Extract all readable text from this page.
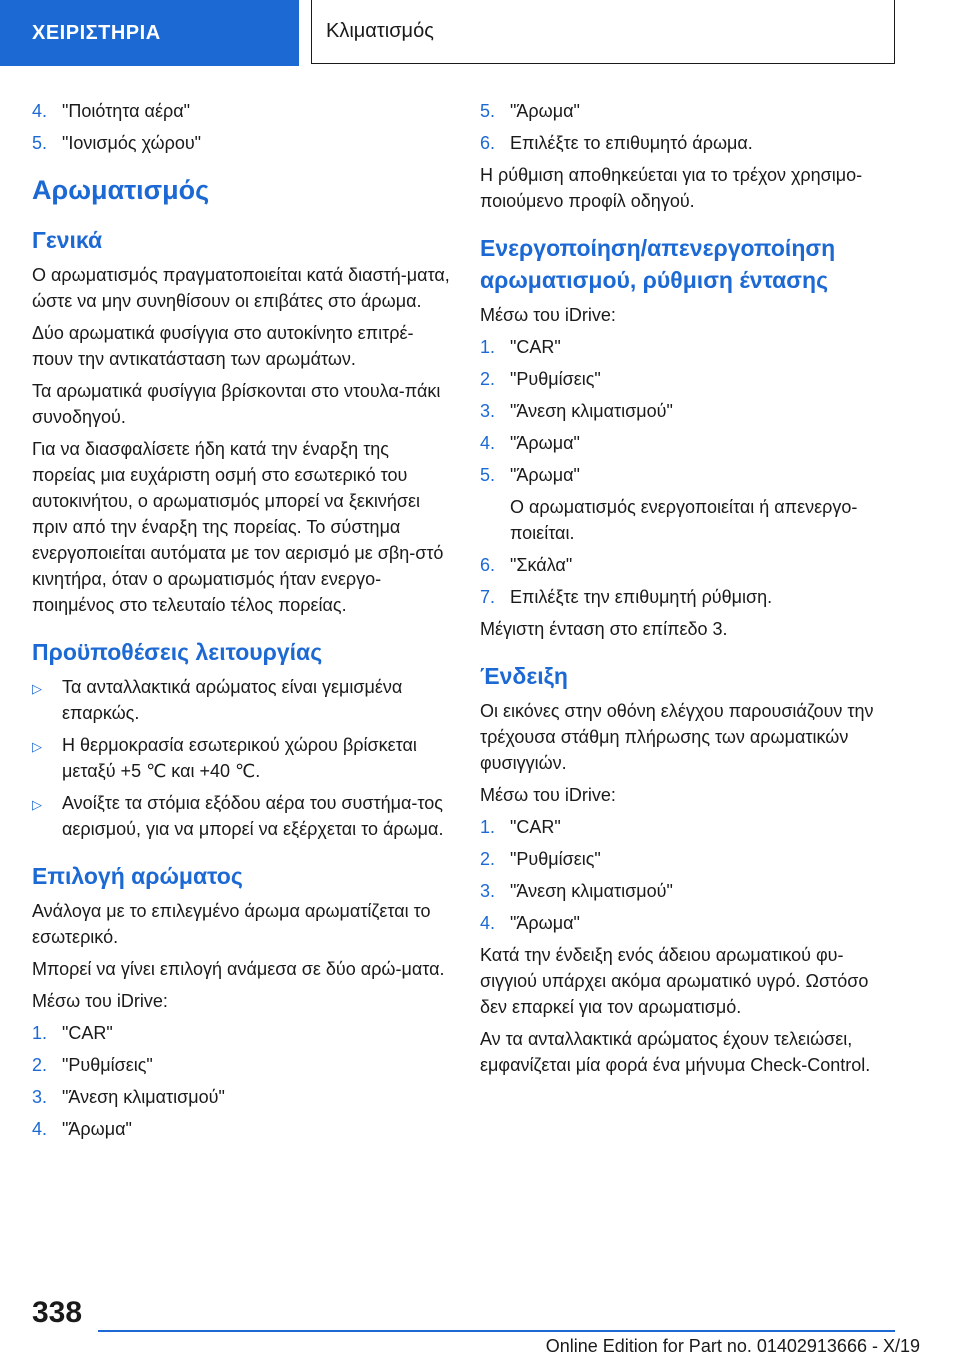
ΧΕΙΡΙΣΤΗΡΙΑ	Κλιματισμός
4. "Ποιότητα αέρα"
5. "Ιονισμός χώρου"
Αρωματισμός
Γενικά

Ο αρωματισμός πραγματοποιείται κατά διαστή-ματα, ώστε να μην συνηθίσουν οι επιβάτες στο άρωμα.

Δύο αρωματικά φυσίγγια στο αυτοκίνητο επιτρέ-πουν την αντικατάσταση των αρωμάτων.

Τα αρωματικά φυσίγγια βρίσκονται στο ντουλα-πάκι συνοδηγού.

Για να διασφαλίσετε ήδη κατά την έναρξη της πορείας μια ευχάριστη οσμή στο εσωτερικό του αυτοκινήτου, ο αρωματισμός μπορεί να ξεκινήσει πριν από την έναρξη της πορείας. Το σύστημα ενεργοποιείται αυτόματα με τον αερισμό με σβη-στό κινητήρα, όταν ο αρωματισμός ήταν ενεργο-ποιημένος στο τελευταίο τέλος πορείας.

Προϋποθέσεις λειτουργίας
▷	Τα ανταλλακτικά αρώματος είναι γεμισμένα επαρκώς.
▷	Η θερμοκρασία εσωτερικού χώρου βρίσκεται μεταξύ +5 ℃ και +40 ℃.
▷	Ανοίξτε τα στόμια εξόδου αέρα του συστήμα-τος αερισμού, για να μπορεί να εξέρχεται το άρωμα.
Επιλογή αρώματος

Ανάλογα με το επιλεγμένο άρωμα αρωματίζεται το εσωτερικό.

Μπορεί να γίνει επιλογή ανάμεσα σε δύο αρώ-ματα.

Μέσω του iDrive:

1. "CAR"
2. "Ρυθμίσεις"
3. "Άνεση κλιματισμού"
4. "Άρωμα"
5. "Άρωμα"
6. Επιλέξτε το επιθυμητό άρωμα.

Η ρύθμιση αποθηκεύεται για το τρέχον χρησιμο-ποιούμενο προφίλ οδηγού.

Ενεργοποίηση/απενεργοποίηση αρωματισμού, ρύθμιση έντασης

Μέσω του iDrive:

1. "CAR"
2. "Ρυθμίσεις"
3. "Άνεση κλιματισμού"
4. "Άρωμα"
5. "Άρωμα"

Ο αρωματισμός ενεργοποιείται ή απενεργο-ποιείται.

6. "Σκάλα"
7. Επιλέξτε την επιθυμητή ρύθμιση.

Μέγιστη ένταση στο επίπεδο 3.

Ένδειξη

Οι εικόνες στην οθόνη ελέγχου παρουσιάζουν την τρέχουσα στάθμη πλήρωσης των αρωματικών φυσιγγιών.

Μέσω του iDrive:

1. "CAR"
2. "Ρυθμίσεις"
3. "Άνεση κλιματισμού"
4. "Άρωμα"

Κατά την ένδειξη ενός άδειου αρωματικού φυ-σιγγιού υπάρχει ακόμα αρωματικό υγρό. Ωστόσο δεν επαρκεί για τον αρωματισμό.

Αν τα ανταλλακτικά αρώματος έχουν τελειώσει, εμφανίζεται μία φορά ένα μήνυμα Check-Control.

338
Online Edition for Part no. 01402913666 - X/19
